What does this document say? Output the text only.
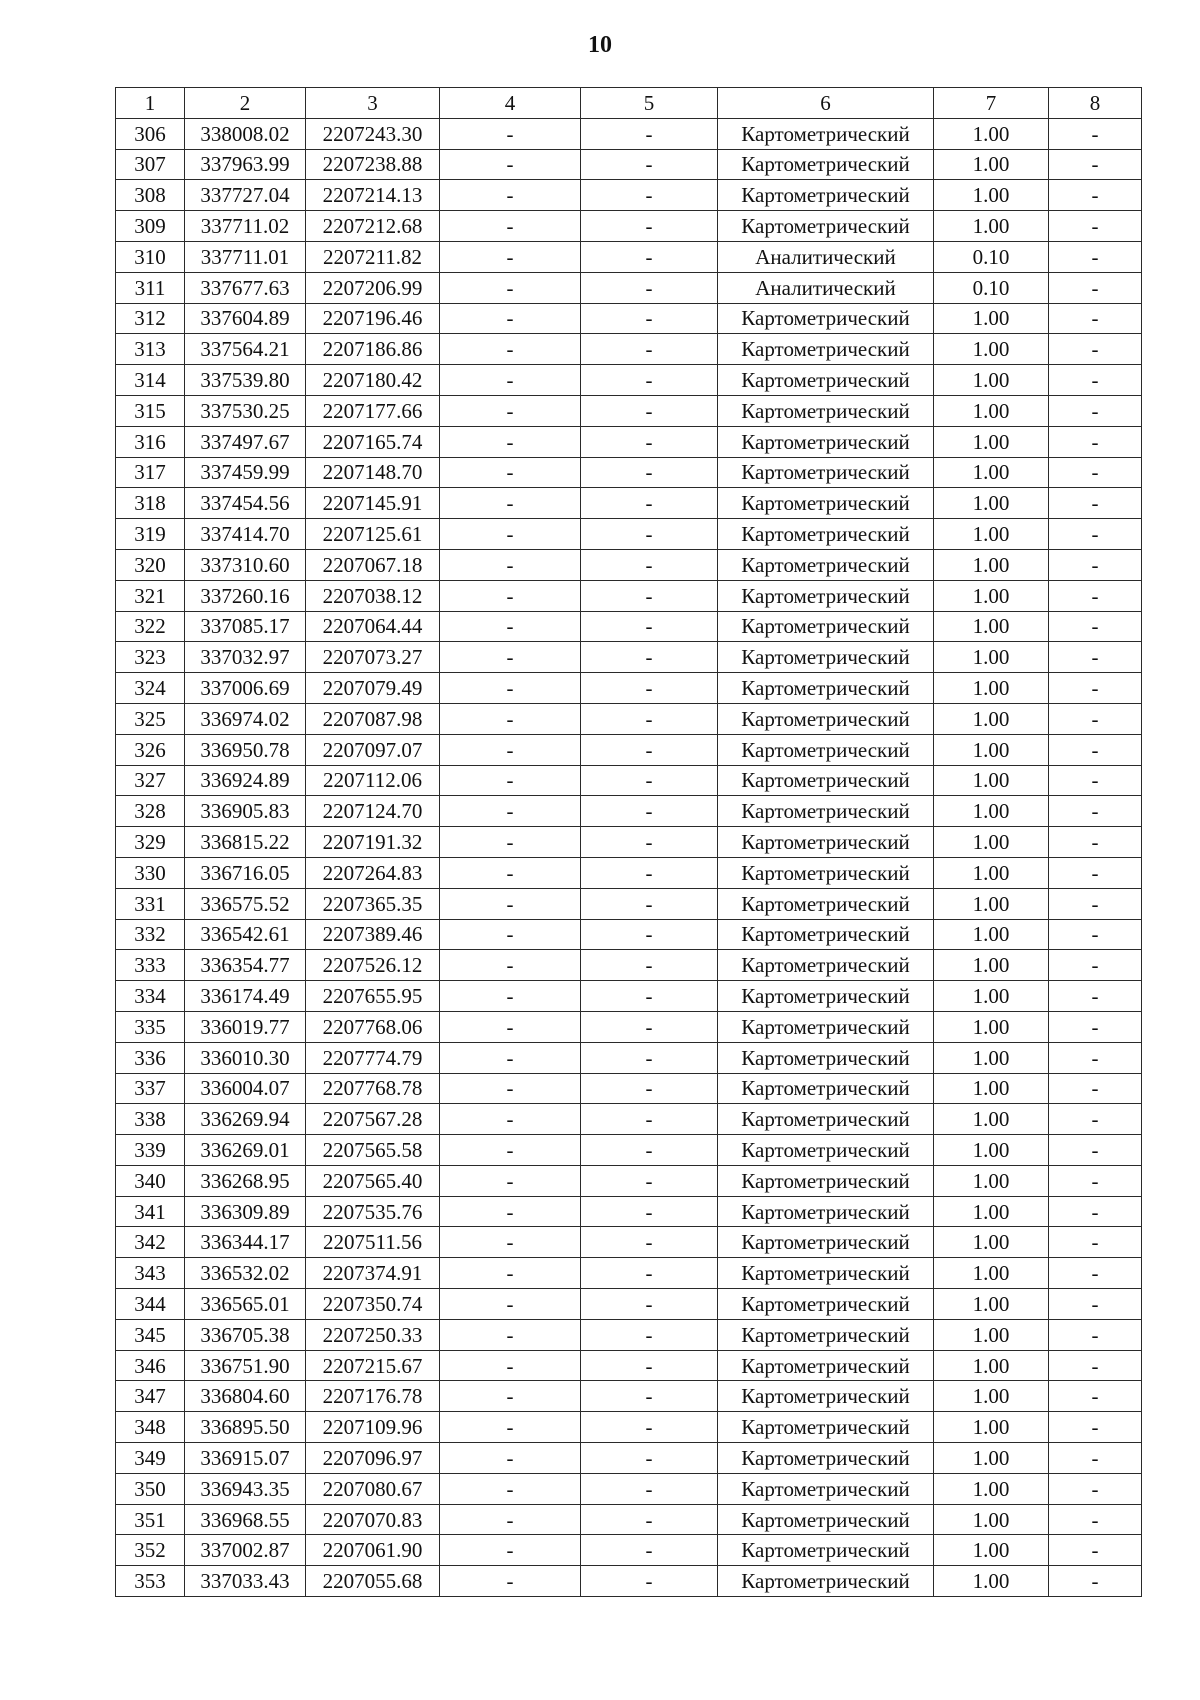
10
1	2	3	4	5	6	7	8
306	338008.02	2207243.30	-	-	Картометрический	1.00	-
307	337963.99	2207238.88	-	-	Картометрический	1.00	-
308	337727.04	2207214.13	-	-	Картометрический	1.00	-
309	337711.02	2207212.68	-	-	Картометрический	1.00	-
310	337711.01	2207211.82	-	-	Аналитический	0.10	-
311	337677.63	2207206.99	-	-	Аналитический	0.10	-
312	337604.89	2207196.46	-	-	Картометрический	1.00	-
313	337564.21	2207186.86	-	-	Картометрический	1.00	-
314	337539.80	2207180.42	-	-	Картометрический	1.00	-
315	337530.25	2207177.66	-	-	Картометрический	1.00	-
316	337497.67	2207165.74	-	-	Картометрический	1.00	-
317	337459.99	2207148.70	-	-	Картометрический	1.00	-
318	337454.56	2207145.91	-	-	Картометрический	1.00	-
319	337414.70	2207125.61	-	-	Картометрический	1.00	-
320	337310.60	2207067.18	-	-	Картометрический	1.00	-
321	337260.16	2207038.12	-	-	Картометрический	1.00	-
322	337085.17	2207064.44	-	-	Картометрический	1.00	-
323	337032.97	2207073.27	-	-	Картометрический	1.00	-
324	337006.69	2207079.49	-	-	Картометрический	1.00	-
325	336974.02	2207087.98	-	-	Картометрический	1.00	-
326	336950.78	2207097.07	-	-	Картометрический	1.00	-
327	336924.89	2207112.06	-	-	Картометрический	1.00	-
328	336905.83	2207124.70	-	-	Картометрический	1.00	-
329	336815.22	2207191.32	-	-	Картометрический	1.00	-
330	336716.05	2207264.83	-	-	Картометрический	1.00	-
331	336575.52	2207365.35	-	-	Картометрический	1.00	-
332	336542.61	2207389.46	-	-	Картометрический	1.00	-
333	336354.77	2207526.12	-	-	Картометрический	1.00	-
334	336174.49	2207655.95	-	-	Картометрический	1.00	-
335	336019.77	2207768.06	-	-	Картометрический	1.00	-
336	336010.30	2207774.79	-	-	Картометрический	1.00	-
337	336004.07	2207768.78	-	-	Картометрический	1.00	-
338	336269.94	2207567.28	-	-	Картометрический	1.00	-
339	336269.01	2207565.58	-	-	Картометрический	1.00	-
340	336268.95	2207565.40	-	-	Картометрический	1.00	-
341	336309.89	2207535.76	-	-	Картометрический	1.00	-
342	336344.17	2207511.56	-	-	Картометрический	1.00	-
343	336532.02	2207374.91	-	-	Картометрический	1.00	-
344	336565.01	2207350.74	-	-	Картометрический	1.00	-
345	336705.38	2207250.33	-	-	Картометрический	1.00	-
346	336751.90	2207215.67	-	-	Картометрический	1.00	-
347	336804.60	2207176.78	-	-	Картометрический	1.00	-
348	336895.50	2207109.96	-	-	Картометрический	1.00	-
349	336915.07	2207096.97	-	-	Картометрический	1.00	-
350	336943.35	2207080.67	-	-	Картометрический	1.00	-
351	336968.55	2207070.83	-	-	Картометрический	1.00	-
352	337002.87	2207061.90	-	-	Картометрический	1.00	-
353	337033.43	2207055.68	-	-	Картометрический	1.00	-
